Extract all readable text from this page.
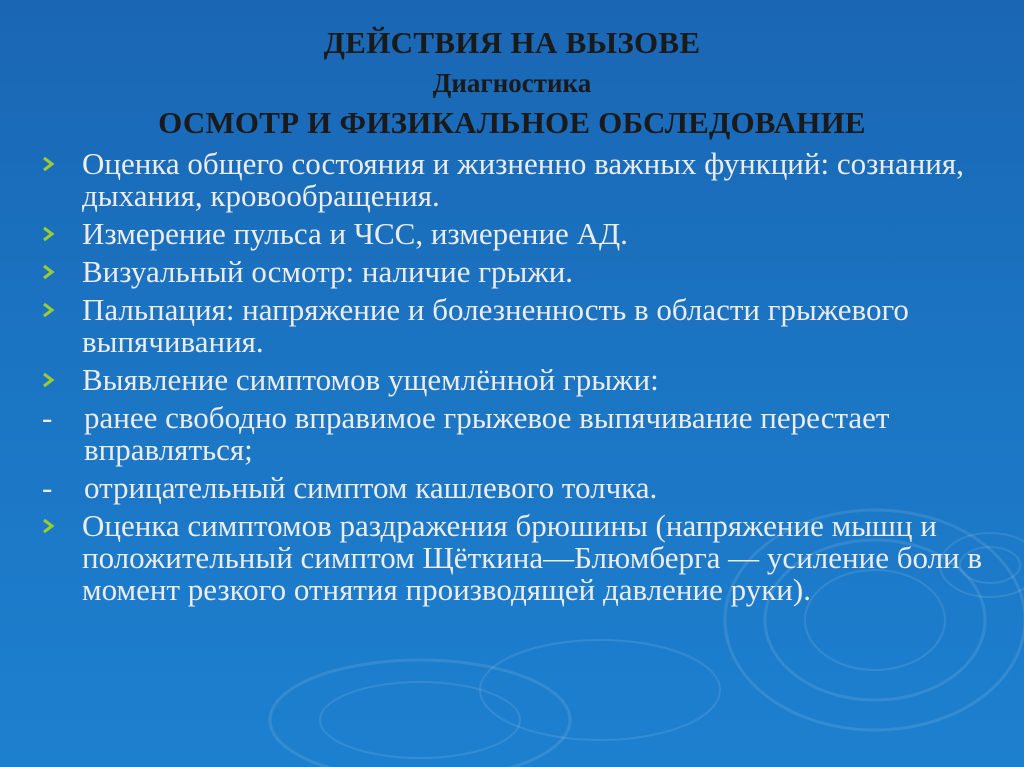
ДЕЙСТВИЯ НА ВЫЗОВЕ
Диагностика
ОСМОТР И ФИЗИКАЛЬНОЕ ОБСЛЕДОВАНИЕ
Оценка общего состояния и жизненно важных функций: сознания, дыхания, кровообращения.
Измерение пульса и ЧСС, измерение АД.
Визуальный осмотр: наличие грыжи.
Пальпация: напряжение и болезненность в области грыжевого выпячивания.
Выявление симптомов ущемлённой грыжи:
-	ранее свободно вправимое грыжевое выпячивание перестает вправляться;
-	отрицательный симптом кашлевого толчка.
Оценка симптомов раздражения брюшины (напряжение мышц и положительный симптом Щёткина—Блюмберга — усиление боли в момент резкого отнятия производящей давление руки).
